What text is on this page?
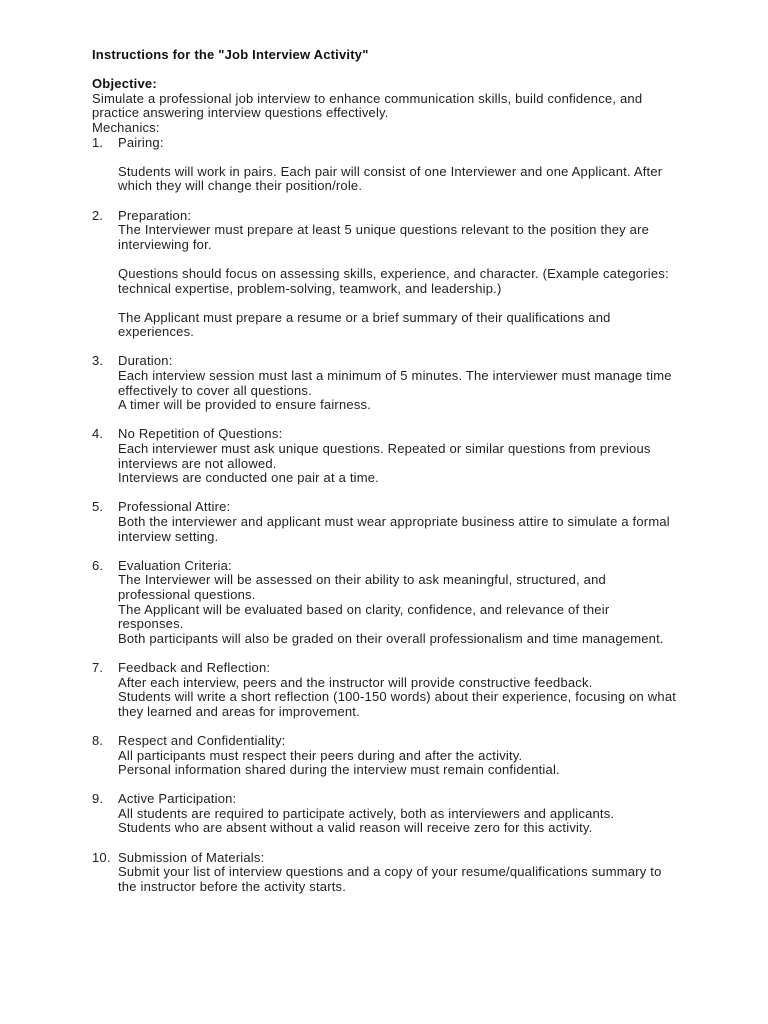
Instructions for the "Job Interview Activity"
Objective:
Simulate a professional job interview to enhance communication skills, build confidence, and practice answering interview questions effectively.
Mechanics:
1.	Pairing:
Students will work in pairs. Each pair will consist of one Interviewer and one Applicant. After which they will change their position/role.
2.	Preparation:
The Interviewer must prepare at least 5 unique questions relevant to the position they are interviewing for.
Questions should focus on assessing skills, experience, and character. (Example categories: technical expertise, problem-solving, teamwork, and leadership.)
The Applicant must prepare a resume or a brief summary of their qualifications and experiences.
3.	Duration:
Each interview session must last a minimum of 5 minutes. The interviewer must manage time effectively to cover all questions.
A timer will be provided to ensure fairness.
4.	No Repetition of Questions:
Each interviewer must ask unique questions. Repeated or similar questions from previous interviews are not allowed.
Interviews are conducted one pair at a time.
5.	Professional Attire:
Both the interviewer and applicant must wear appropriate business attire to simulate a formal interview setting.
6.	Evaluation Criteria:
The Interviewer will be assessed on their ability to ask meaningful, structured, and professional questions.
The Applicant will be evaluated based on clarity, confidence, and relevance of their responses.
Both participants will also be graded on their overall professionalism and time management.
7.	Feedback and Reflection:
After each interview, peers and the instructor will provide constructive feedback.
Students will write a short reflection (100-150 words) about their experience, focusing on what they learned and areas for improvement.
8.	Respect and Confidentiality:
All participants must respect their peers during and after the activity.
Personal information shared during the interview must remain confidential.
9.	Active Participation:
All students are required to participate actively, both as interviewers and applicants.
Students who are absent without a valid reason will receive zero for this activity.
10. Submission of Materials:
Submit your list of interview questions and a copy of your resume/qualifications summary to the instructor before the activity starts.
